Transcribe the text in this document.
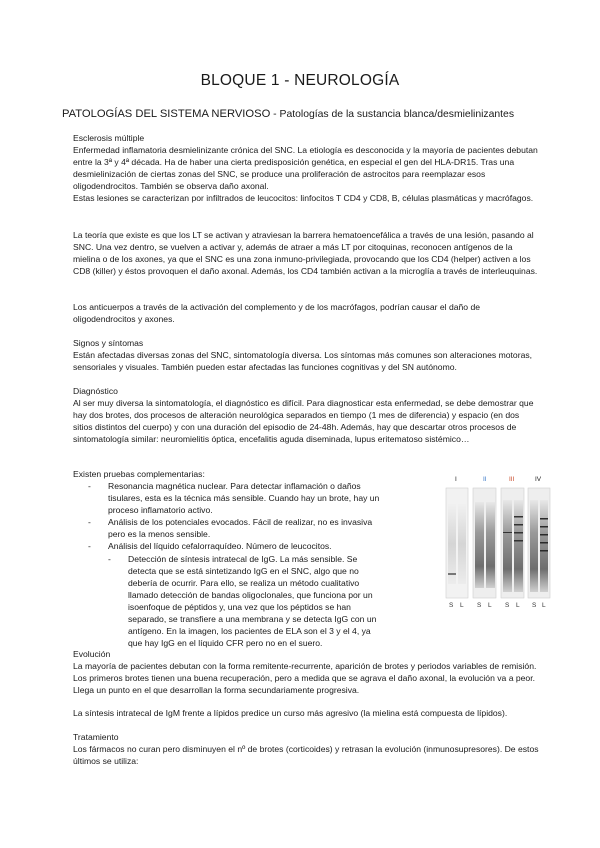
BLOQUE 1 - NEUROLOGÍA
PATOLOGÍAS DEL SISTEMA NERVIOSO - Patologías de la sustancia blanca/desmielinizantes
Esclerosis múltiple

Enfermedad inflamatoria desmielinizante crónica del SNC. La etiología es desconocida y la mayoría de pacientes debutan entre la 3ª y 4ª década. Ha de haber una cierta predisposición genética, en especial el gen del HLA-DR15. Tras una desmielinización de ciertas zonas del SNC, se produce una proliferación de astrocitos para reemplazar esos oligodendrocitos. También se observa daño axonal.

Estas lesiones se caracterizan por infiltrados de leucocitos: linfocitos T CD4 y CD8, B, células plasmáticas y macrófagos.

La teoría que existe es que los LT se activan y atraviesan la barrera hematoencefálica a través de una lesión, pasando al SNC. Una vez dentro, se vuelven a activar y, además de atraer a más LT por citoquinas, reconocen antígenos de la mielina o de los axones, ya que el SNC es una zona inmuno-privilegiada, provocando que los CD4 (helper) activen a los CD8 (killer) y éstos provoquen el daño axonal. Además, los CD4 también activan a la microglía a través de interleuquinas.
Los anticuerpos a través de la activación del complemento y de los macrófagos, podrían causar el daño de oligodendrocitos y axones.
Signos y síntomas

Están afectadas diversas zonas del SNC, sintomatología diversa. Los síntomas más comunes son alteraciones motoras, sensoriales y visuales. También pueden estar afectadas las funciones cognitivas y del SN autónomo.

Diagnóstico

Al ser muy diversa la sintomatología, el diagnóstico es difícil. Para diagnosticar esta enfermedad, se debe demostrar que hay dos brotes, dos procesos de alteración neurológica separados en tiempo (1 mes de diferencia) y espacio (en dos sitios distintos del cuerpo) y con una duración del episodio de 24-48h. Además, hay que descartar otros procesos de sintomatología similar: neuromielitis óptica, encefalitis aguda diseminada, lupus eritematoso sistémico…

Existen pruebas complementarias:
- Resonancia magnética nuclear. Para detectar inflamación o daños tisulares, esta es la técnica más sensible. Cuando hay un brote, hay un proceso inflamatorio activo.
- Análisis de los potenciales evocados. Fácil de realizar, no es invasiva pero es la menos sensible.
- Análisis del líquido cefalorraquídeo. Número de leucocitos.
- Detección de síntesis intratecal de IgG. La más sensible. Se detecta que se está sintetizando IgG en el SNC, algo que no debería de ocurrir. Para ello, se realiza un método cualitativo llamado detección de bandas oligoclonales, que funciona por un isoenfoque de péptidos y, una vez que los péptidos se han separado, se transfiere a una membrana y se detecta IgG con un antígeno. En la imagen, los pacientes de ELA son el 3 y el 4, ya que hay IgG en el líquido CFR pero no en el suero.
I	II	III	IV
S L S L S L S L
Evolución

La mayoría de pacientes debutan con la forma remitente-recurrente, aparición de brotes y periodos variables de remisión. Los primeros brotes tienen una buena recuperación, pero a medida que se agrava el daño axonal, la evolución va a peor. Llega un punto en el que desarrollan la forma secundariamente progresiva.

La síntesis intratecal de IgM frente a lípidos predice un curso más agresivo (la mielina está compuesta de lípidos).
Tratamiento

Los fármacos no curan pero disminuyen el nº de brotes (corticoides) y retrasan la evolución (inmunosupresores). De estos últimos se utiliza:
